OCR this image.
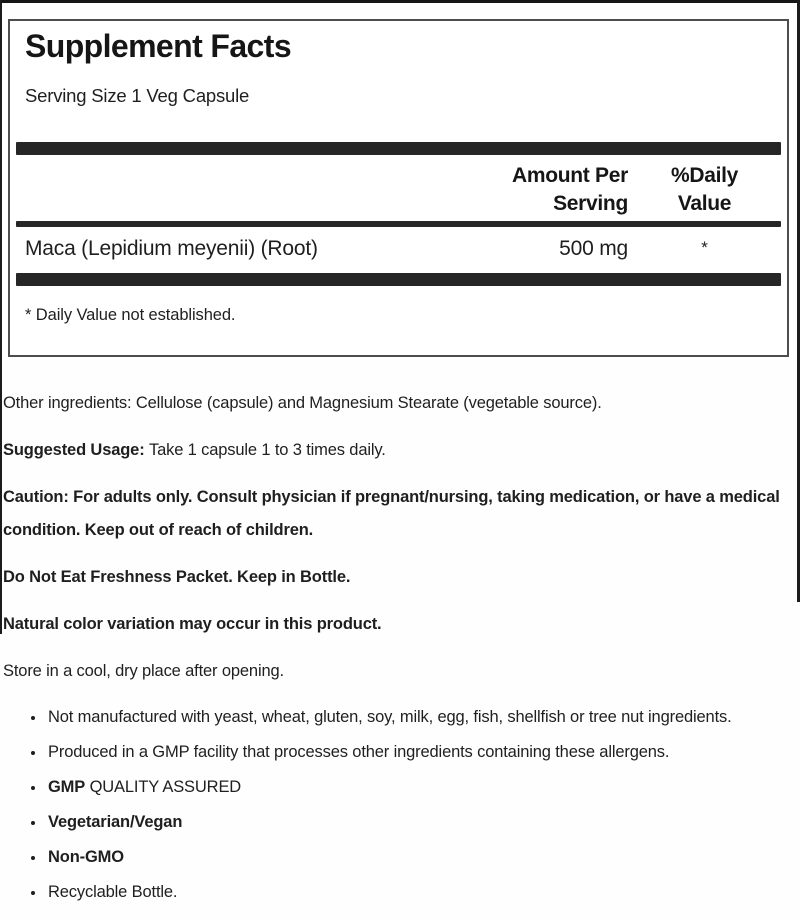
Supplement Facts
Serving Size 1 Veg Capsule
Amount Per Serving
%Daily Value
Maca (Lepidium meyenii) (Root)	500 mg	*
* Daily Value not established.

Other ingredients: Cellulose (capsule) and Magnesium Stearate (vegetable source).

Suggested Usage: Take 1 capsule 1 to 3 times daily.

Caution: For adults only. Consult physician if pregnant/nursing, taking medication, or have a medical condition. Keep out of reach of children.

Do Not Eat Freshness Packet. Keep in Bottle.

Natural color variation may occur in this product.

Store in a cool, dry place after opening.

• Not manufactured with yeast, wheat, gluten, soy, milk, egg, fish, shellfish or tree nut ingredients.
• Produced in a GMP facility that processes other ingredients containing these allergens.
• GMP QUALITY ASSURED
• Vegetarian/Vegan
• Non-GMO
• Recyclable Bottle.
